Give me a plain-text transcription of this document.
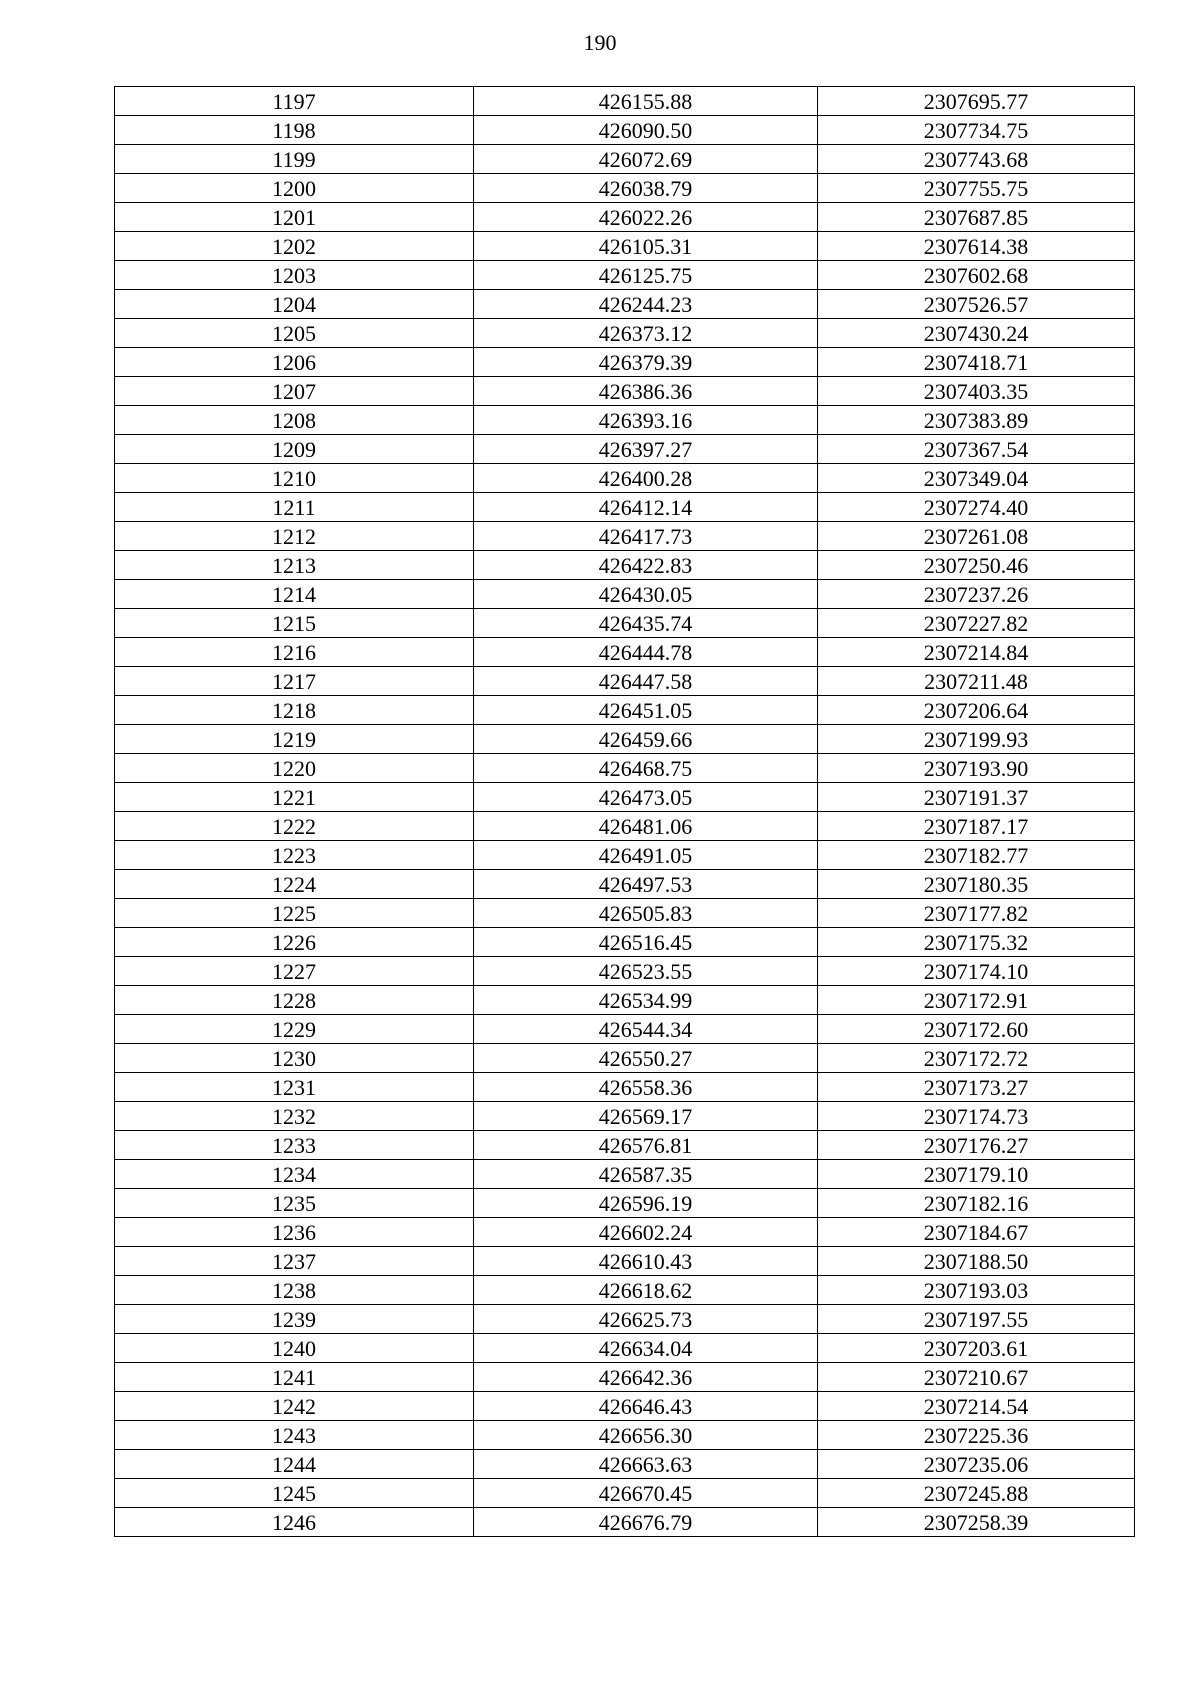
190
1197	426155.88	2307695.77
1198	426090.50	2307734.75
1199	426072.69	2307743.68
1200	426038.79	2307755.75
1201	426022.26	2307687.85
1202	426105.31	2307614.38
1203	426125.75	2307602.68
1204	426244.23	2307526.57
1205	426373.12	2307430.24
1206	426379.39	2307418.71
1207	426386.36	2307403.35
1208	426393.16	2307383.89
1209	426397.27	2307367.54
1210	426400.28	2307349.04
1211	426412.14	2307274.40
1212	426417.73	2307261.08
1213	426422.83	2307250.46
1214	426430.05	2307237.26
1215	426435.74	2307227.82
1216	426444.78	2307214.84
1217	426447.58	2307211.48
1218	426451.05	2307206.64
1219	426459.66	2307199.93
1220	426468.75	2307193.90
1221	426473.05	2307191.37
1222	426481.06	2307187.17
1223	426491.05	2307182.77
1224	426497.53	2307180.35
1225	426505.83	2307177.82
1226	426516.45	2307175.32
1227	426523.55	2307174.10
1228	426534.99	2307172.91
1229	426544.34	2307172.60
1230	426550.27	2307172.72
1231	426558.36	2307173.27
1232	426569.17	2307174.73
1233	426576.81	2307176.27
1234	426587.35	2307179.10
1235	426596.19	2307182.16
1236	426602.24	2307184.67
1237	426610.43	2307188.50
1238	426618.62	2307193.03
1239	426625.73	2307197.55
1240	426634.04	2307203.61
1241	426642.36	2307210.67
1242	426646.43	2307214.54
1243	426656.30	2307225.36
1244	426663.63	2307235.06
1245	426670.45	2307245.88
1246	426676.79	2307258.39
